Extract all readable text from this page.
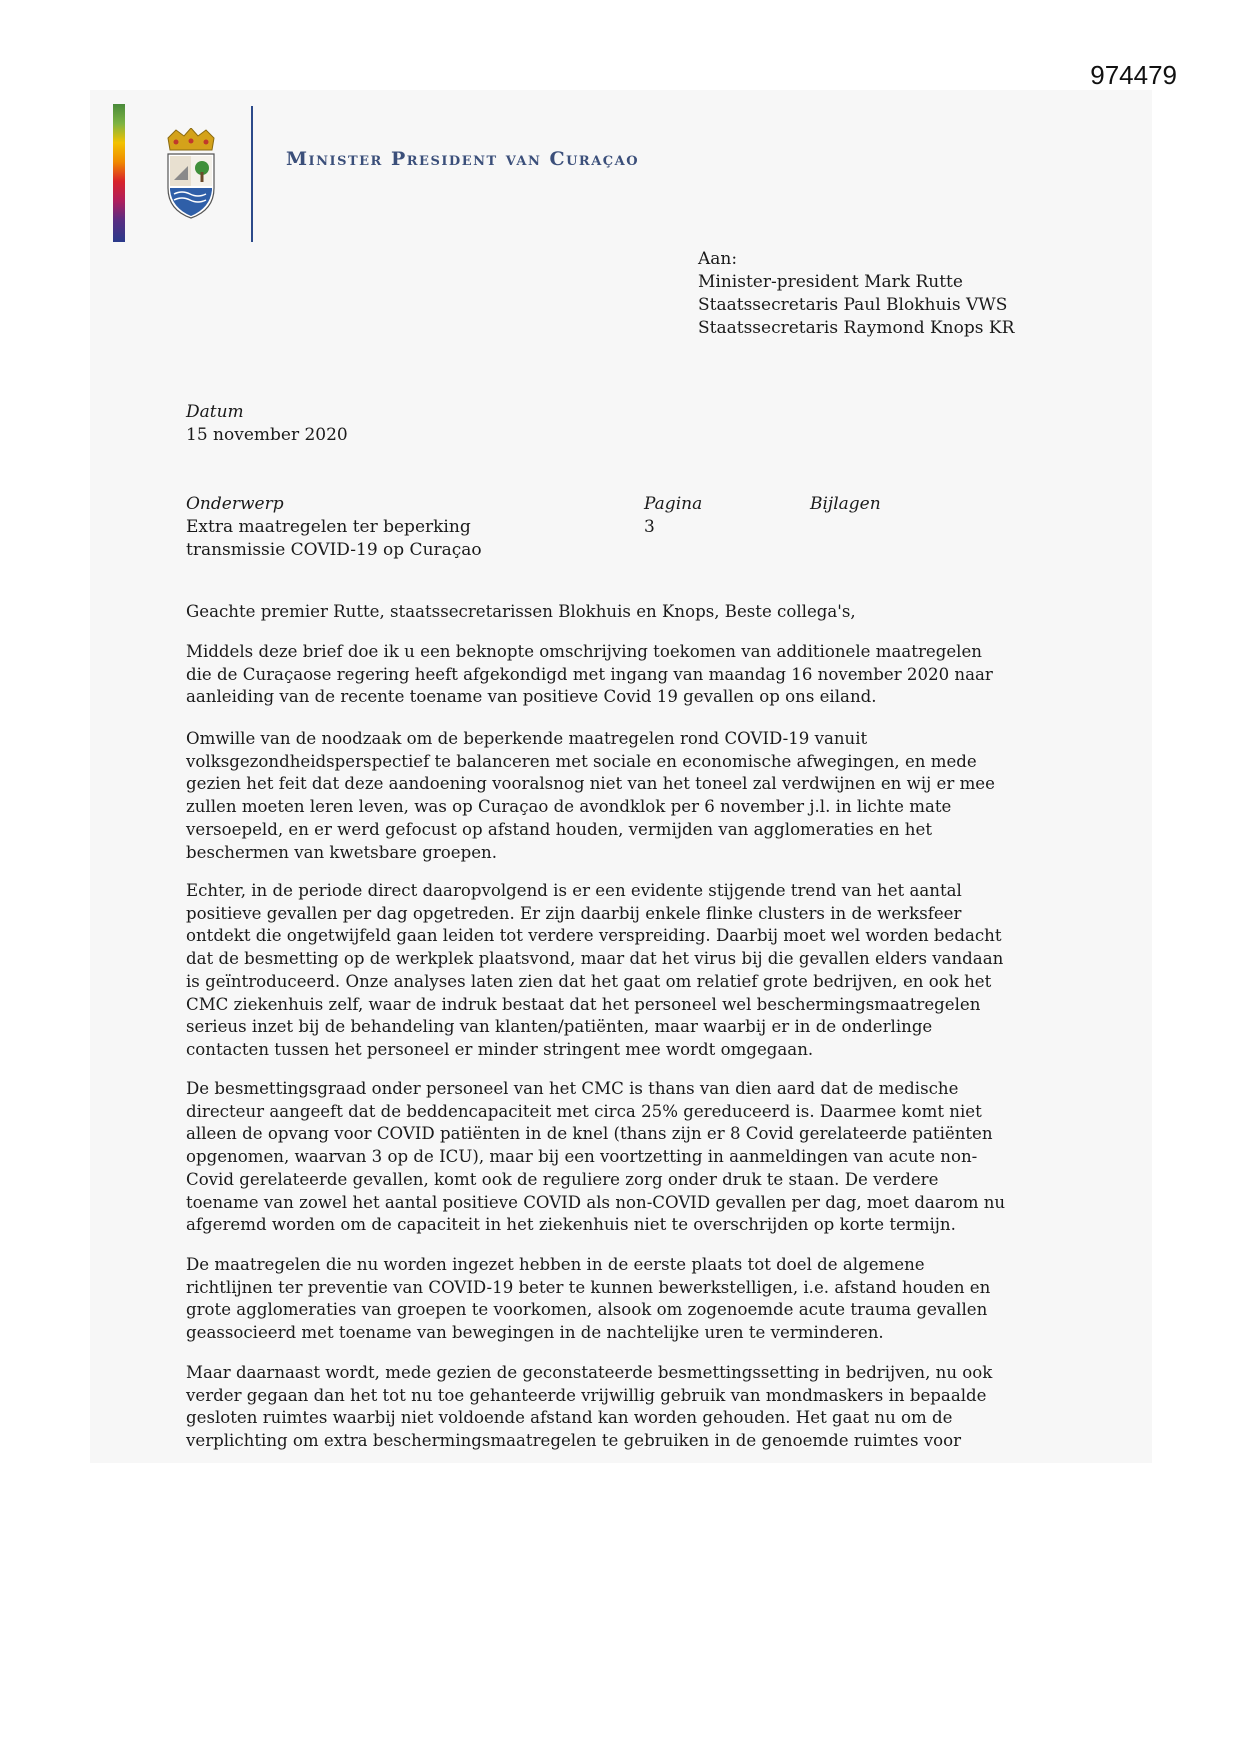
974479
Minister President van Curaçao
Aan:
Minister-president Mark Rutte
Staatssecretaris Paul Blokhuis VWS
Staatssecretaris Raymond Knops KR
Datum
15 november 2020
Onderwerp
Extra maatregelen ter beperking
transmissie COVID-19 op Curaçao
Pagina
3
Bijlagen

Geachte premier Rutte, staatssecretarissen Blokhuis en Knops, Beste collega's,

Middels deze brief doe ik u een beknopte omschrijving toekomen van additionele maatregelen die de Curaçaose regering heeft afgekondigd met ingang van maandag 16 november 2020 naar aanleiding van de recente toename van positieve Covid 19 gevallen op ons eiland.

Omwille van de noodzaak om de beperkende maatregelen rond COVID-19 vanuit volksgezondheidsperspectief te balanceren met sociale en economische afwegingen, en mede gezien het feit dat deze aandoening vooralsnog niet van het toneel zal verdwijnen en wij er mee zullen moeten leren leven, was op Curaçao de avondklok per 6 november j.l. in lichte mate versoepeld, en er werd gefocust op afstand houden, vermijden van agglomeraties en het beschermen van kwetsbare groepen.

Echter, in de periode direct daaropvolgend is er een evidente stijgende trend van het aantal positieve gevallen per dag opgetreden. Er zijn daarbij enkele flinke clusters in de werksfeer ontdekt die ongetwijfeld gaan leiden tot verdere verspreiding. Daarbij moet wel worden bedacht dat de besmetting op de werkplek plaatsvond, maar dat het virus bij die gevallen elders vandaan is geïntroduceerd. Onze analyses laten zien dat het gaat om relatief grote bedrijven, en ook het CMC ziekenhuis zelf, waar de indruk bestaat dat het personeel wel beschermingsmaatregelen serieus inzet bij de behandeling van klanten/patiënten, maar waarbij er in de onderlinge contacten tussen het personeel er minder stringent mee wordt omgegaan.

De besmettingsgraad onder personeel van het CMC is thans van dien aard dat de medische directeur aangeeft dat de beddencapaciteit met circa 25% gereduceerd is. Daarmee komt niet alleen de opvang voor COVID patiënten in de knel (thans zijn er 8 Covid gerelateerde patiënten opgenomen, waarvan 3 op de ICU), maar bij een voortzetting in aanmeldingen van acute non-Covid gerelateerde gevallen, komt ook de reguliere zorg onder druk te staan. De verdere toename van zowel het aantal positieve COVID als non-COVID gevallen per dag, moet daarom nu afgeremd worden om de capaciteit in het ziekenhuis niet te overschrijden op korte termijn.

De maatregelen die nu worden ingezet hebben in de eerste plaats tot doel de algemene richtlijnen ter preventie van COVID-19 beter te kunnen bewerkstelligen, i.e. afstand houden en grote agglomeraties van groepen te voorkomen, alsook om zogenoemde acute trauma gevallen geassocieerd met toename van bewegingen in de nachtelijke uren te verminderen.

Maar daarnaast wordt, mede gezien de geconstateerde besmettingssetting in bedrijven, nu ook verder gegaan dan het tot nu toe gehanteerde vrijwillig gebruik van mondmaskers in bepaalde gesloten ruimtes waarbij niet voldoende afstand kan worden gehouden. Het gaat nu om de verplichting om extra beschermingsmaatregelen te gebruiken in de genoemde ruimtes voor
